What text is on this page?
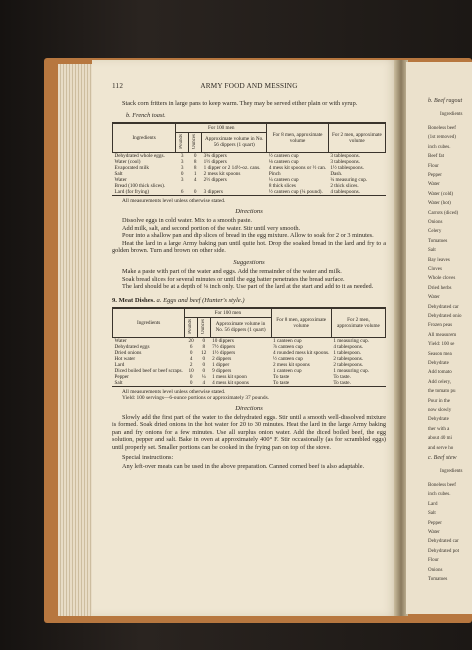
112	ARMY FOOD AND MESSING

Stack corn fritters in large pans to keep warm. They may be served either plain or with syrup.

b. French toast.
Ingredients	For 100 men			For 8 men, approximate volume	For 2 men, approximate volume
	Pounds	Ounces	Approximate volume in No. 56 dippers (1 quart)		
Dehydrated whole eggs.	3	0	3¾ dippers	½ canteen cup	3 tablespoons.
Water (cool)	3	8	1½ dippers	⅛ canteen cup	3 tablespoons.
Evaporated milk	3	8	1 dipper or 2 14½-oz. cans.	4 mess kit spoons or ½ can.	1½ tablespoons.
Salt	0	1	2 mess kit spoons	Pinch	Dash.
Water	3	4	2½ dippers	¼ canteen cup	¼ measuring cup.
Bread (100 thick slices).				8 thick slices	2 thick slices.
Lard (for frying)	6	0	3 dippers	½ canteen cup (¼ pound).	4 tablespoons.
All measurements level unless otherwise stated.
Directions

Dissolve eggs in cold water. Mix to a smooth paste.

Add milk, salt, and second portion of the water. Stir until very smooth.

Pour into a shallow pan and dip slices of bread in the egg mixture. Allow to soak for 2 or 3 minutes.

Heat the lard in a large Army baking pan until quite hot. Drop the soaked bread in the lard and fry to a golden brown. Turn and brown on other side.

Suggestions

Make a paste with part of the water and eggs. Add the remainder of the water and milk.

Soak bread slices for several minutes or until the egg batter penetrates the bread surface.

The lard should be at a depth of ⅛ inch only. Use part of the lard at the start and add to it as needed.

9. Meat Dishes. a. Eggs and beef (Hunter's style.)
Ingredients	For 100 men			For 8 men, approximate volume	For 2 men, approximate volume
	Pounds	Ounces	Approximate volume in No. 56 dippers (1 quart)		
Water	20	0	10 dippers	1 canteen cup	1 measuring cup.
Dehydrated eggs	6	8	7½ dippers	⅞ canteen cup	4 tablespoons.
Dried onions	0	12	1½ dippers	4 rounded mess kit spoons.	1 tablespoon.
Hot water	4	0	2 dippers	½ canteen cup	2 tablespoons.
Lard	2	0	1 dipper	2 mess kit spoons	2 tablespoons.
Diced boiled beef or beef scraps.	10	0	9 dippers	1 canteen cup	1 measuring cup.
Pepper	0	¼	1 mess kit spoon	To taste	To taste.
Salt	0	4	4 mess kit spoons	To taste	To taste.
All measurements level unless otherwise stated.
Yield: 100 servings—6-ounce portions or approximately 37 pounds.
Directions

Slowly add the first part of the water to the dehydrated eggs. Stir until a smooth well-dissolved mixture is formed. Soak dried onions in the hot water for 20 to 30 minutes. Heat the lard in the large Army baking pan and fry onions for a few minutes. Use all surplus onion water. Add the diced boiled beef, the egg solution, pepper and salt. Bake in oven at approximately 400° F. Stir occasionally (as for scrambled eggs) until properly set. Smaller portions can be cooked in the frying pan on top of the stove.

Special instructions:

Any left-over meats can be used in the above preparation. Canned corned beef is also adaptable.

b. Beef ragout
Ingredients
Boneless beef
(1st removed)
inch cubes.
Beef fat
Flour
Pepper
Water
Water (cold)
Water (hot)
Carrots (diced)
Onions
Celery
Tomatoes
Salt
Bay leaves
Cloves
Whole cloves
Dried herbs
Water
Dehydrated car
Dehydrated onio
Frozen peas
All measurem
Yield: 100 se
Season mea
Dehydrate
Add tomato
Add celery,
the tomato pu
Pour in the
now slowly
Dehydrate
ther with a
about 40 mi
and serve ho
c. Beef stew
Ingredients
Boneless beef
inch cubes.
Lard
Salt
Pepper
Water
Dehydrated car
Dehydrated pot
Flour
Onions
Tomatoes
